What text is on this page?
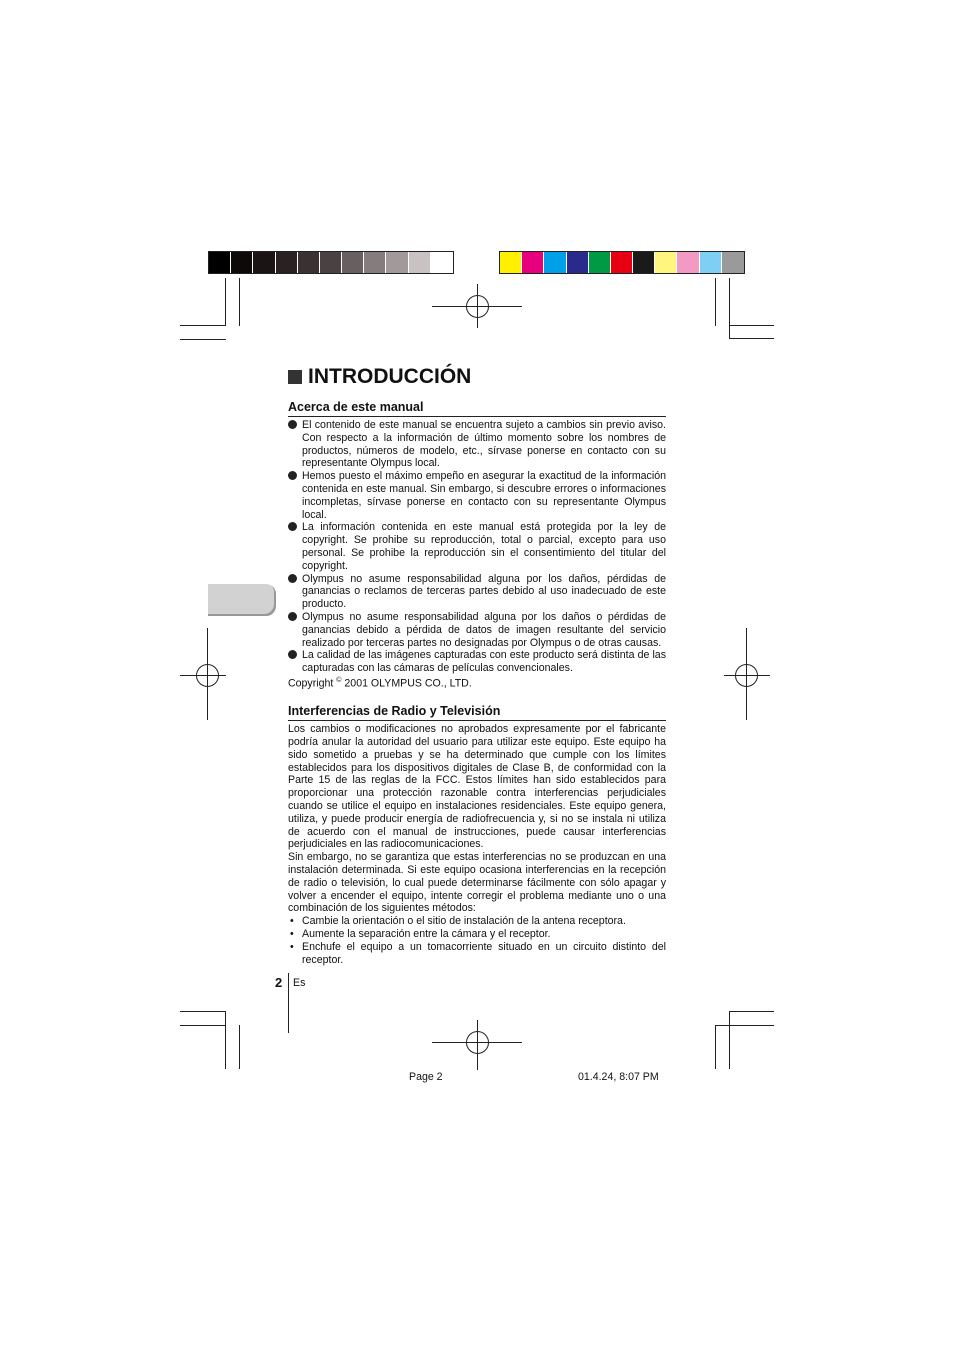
INTRODUCCIÓN
Acerca de este manual
El contenido de este manual se encuentra sujeto a cambios sin previo aviso. Con respecto a la información de último momento sobre los nombres de productos, números de modelo, etc., sírvase ponerse en contacto con su representante Olympus local.
Hemos puesto el máximo empeño en asegurar la exactitud de la información contenida en este manual. Sin embargo, si descubre errores o informaciones incompletas, sírvase ponerse en contacto con su representante Olympus local.
La información contenida en este manual está protegida por la ley de copyright. Se prohibe su reproducción, total o parcial, excepto para uso personal. Se prohibe la reproducción sin el consentimiento del titular del copyright.
Olympus no asume responsabilidad alguna por los daños, pérdidas de ganancias o reclamos de terceras partes debido al uso inadecuado de este producto.
Olympus no asume responsabilidad alguna por los daños o pérdidas de ganancias debido a pérdida de datos de imagen resultante del servicio realizado por terceras partes no designadas por Olympus o de otras causas.
La calidad de las imágenes capturadas con este producto será distinta de las capturadas con las cámaras de películas convencionales.
Copyright © 2001 OLYMPUS CO., LTD.
Interferencias de Radio y Televisión

Los cambios o modificaciones no aprobados expresamente por el fabricante podría anular la autoridad del usuario para utilizar este equipo. Este equipo ha sido sometido a pruebas y se ha determinado que cumple con los límites establecidos para los dispositivos digitales de Clase B, de conformidad con la Parte 15 de las reglas de la FCC. Estos límites han sido establecidos para proporcionar una protección razonable contra interferencias perjudiciales cuando se utilice el equipo en instalaciones residenciales. Este equipo genera, utiliza, y puede producir energía de radiofrecuencia y, si no se instala ni utiliza de acuerdo con el manual de instrucciones, puede causar interferencias perjudiciales en las radiocomunicaciones.

Sin embargo, no se garantiza que estas interferencias no se produzcan en una instalación determinada. Si este equipo ocasiona interferencias en la recepción de radio o televisión, lo cual puede determinarse fácilmente con sólo apagar y volver a encender el equipo, intente corregir el problema mediante uno o una combinación de los siguientes métodos:

• Cambie la orientación o el sitio de instalación de la antena receptora.
• Aumente la separación entre la cámara y el receptor.
• Enchufe el equipo a un tomacorriente situado en un circuito distinto del receptor.
2 Es
Page 2	01.4.24, 8:07 PM
